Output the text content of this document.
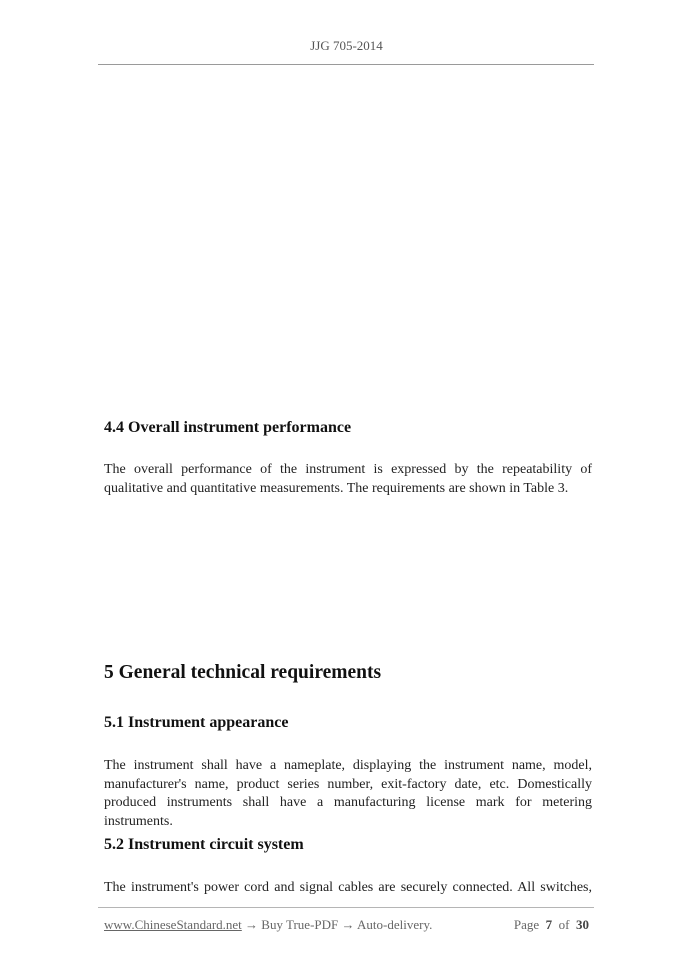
JJG 705-2014
4.4 Overall instrument performance

The overall performance of the instrument is expressed by the repeatability of
qualitative and quantitative measurements. The requirements are shown in Table 3.

5 General technical requirements
5.1 Instrument appearance

The instrument shall have a nameplate, displaying the instrument name, model,
manufacturer's name, product series number, exit-factory date, etc. Domestically
produced instruments shall have a manufacturing license mark for metering instruments.

5.2 Instrument circuit system

The instrument's power cord and signal cables are securely connected. All switches,

www.ChineseStandard.net → Buy True-PDF → Auto-delivery.	Page 7 of 30
